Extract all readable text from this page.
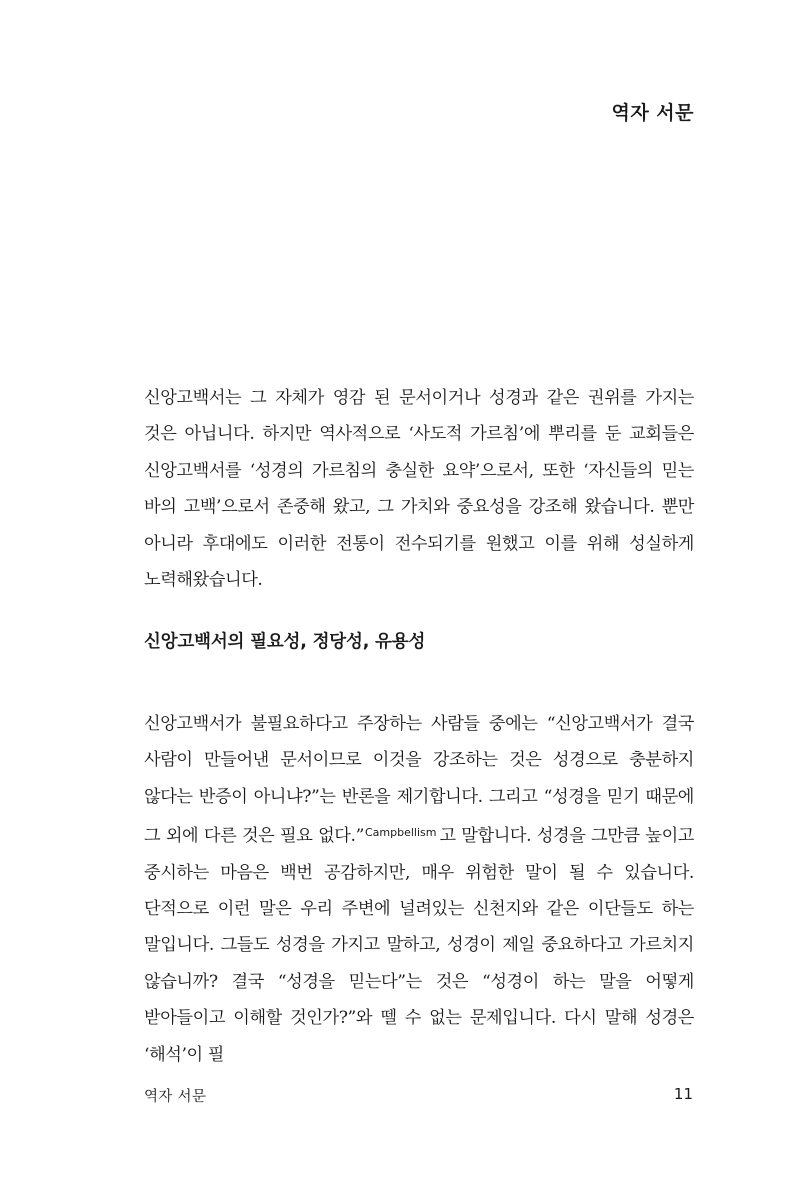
역자 서문

신앙고백서는 그 자체가 영감 된 문서이거나 성경과 같은 권위를 가지는 것은 아닙니다. 하지만 역사적으로 ‘사도적 가르침’에 뿌리를 둔 교회들은 신앙고백서를 ‘성경의 가르침의 충실한 요약’으로서, 또한 ‘자신들의 믿는 바의 고백’으로서 존중해 왔고, 그 가치와 중요성을 강조해 왔습니다. 뿐만 아니라 후대에도 이러한 전통이 전수되기를 원했고 이를 위해 성실하게 노력해왔습니다.

신앙고백서의 필요성, 정당성, 유용성

신앙고백서가 불필요하다고 주장하는 사람들 중에는 “신앙고백서가 결국 사람이 만들어낸 문서이므로 이것을 강조하는 것은 성경으로 충분하지 않다는 반증이 아니냐?”는 반론을 제기합니다. 그리고 “성경을 믿기 때문에 그 외에 다른 것은 필요 없다.”$^{Campbellism}$ 고 말합니다. 성경을 그만큼 높이고 중시하는 마음은 백번 공감하지만, 매우 위험한 말이 될 수 있습니다. 단적으로 이런 말은 우리 주변에 널려있는 신천지와 같은 이단들도 하는 말입니다. 그들도 성경을 가지고 말하고, 성경이 제일 중요하다고 가르치지 않습니까? 결국 “성경을 믿는다”는 것은 “성경이 하는 말을 어떻게 받아들이고 이해할 것인가?”와 뗄 수 없는 문제입니다. 다시 말해 성경은 ‘해석’이 필

역자 서문	11
